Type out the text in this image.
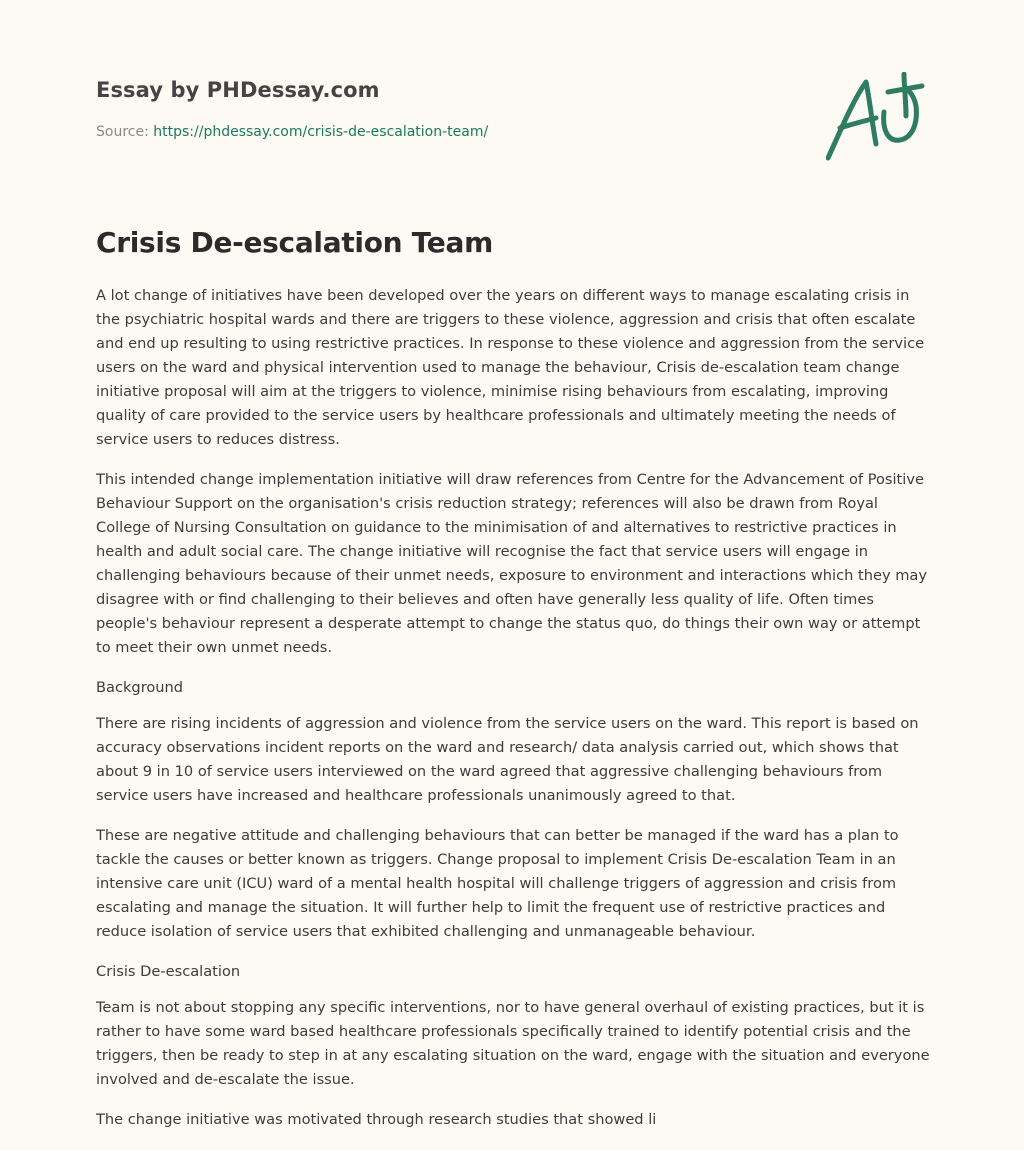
Essay by PHDessay.com
Source: https://phdessay.com/crisis-de-escalation-team/
Crisis De-escalation Team

A lot change of initiatives have been developed over the years on different ways to manage escalating crisis in the psychiatric hospital wards and there are triggers to these violence, aggression and crisis that often escalate and end up resulting to using restrictive practices. In response to these violence and aggression from the service users on the ward and physical intervention used to manage the behaviour, Crisis de-escalation team change initiative proposal will aim at the triggers to violence, minimise rising behaviours from escalating, improving quality of care provided to the service users by healthcare professionals and ultimately meeting the needs of service users to reduces distress.

This intended change implementation initiative will draw references from Centre for the Advancement of Positive Behaviour Support on the organisation's crisis reduction strategy; references will also be drawn from Royal College of Nursing Consultation on guidance to the minimisation of and alternatives to restrictive practices in health and adult social care. The change initiative will recognise the fact that service users will engage in challenging behaviours because of their unmet needs, exposure to environment and interactions which they may disagree with or find challenging to their believes and often have generally less quality of life. Often times people's behaviour represent a desperate attempt to change the status quo, do things their own way or attempt to meet their own unmet needs.

Background

There are rising incidents of aggression and violence from the service users on the ward. This report is based on accuracy observations incident reports on the ward and research/ data analysis carried out, which shows that about 9 in 10 of service users interviewed on the ward agreed that aggressive challenging behaviours from service users have increased and healthcare professionals unanimously agreed to that.

These are negative attitude and challenging behaviours that can better be managed if the ward has a plan to tackle the causes or better known as triggers. Change proposal to implement Crisis De-escalation Team in an intensive care unit (ICU) ward of a mental health hospital will challenge triggers of aggression and crisis from escalating and manage the situation. It will further help to limit the frequent use of restrictive practices and reduce isolation of service users that exhibited challenging and unmanageable behaviour.

Crisis De-escalation

Team is not about stopping any specific interventions, nor to have general overhaul of existing practices, but it is rather to have some ward based healthcare professionals specifically trained to identify potential crisis and the triggers, then be ready to step in at any escalating situation on the ward, engage with the situation and everyone involved and de-escalate the issue.

The change initiative was motivated through research studies that showed li
